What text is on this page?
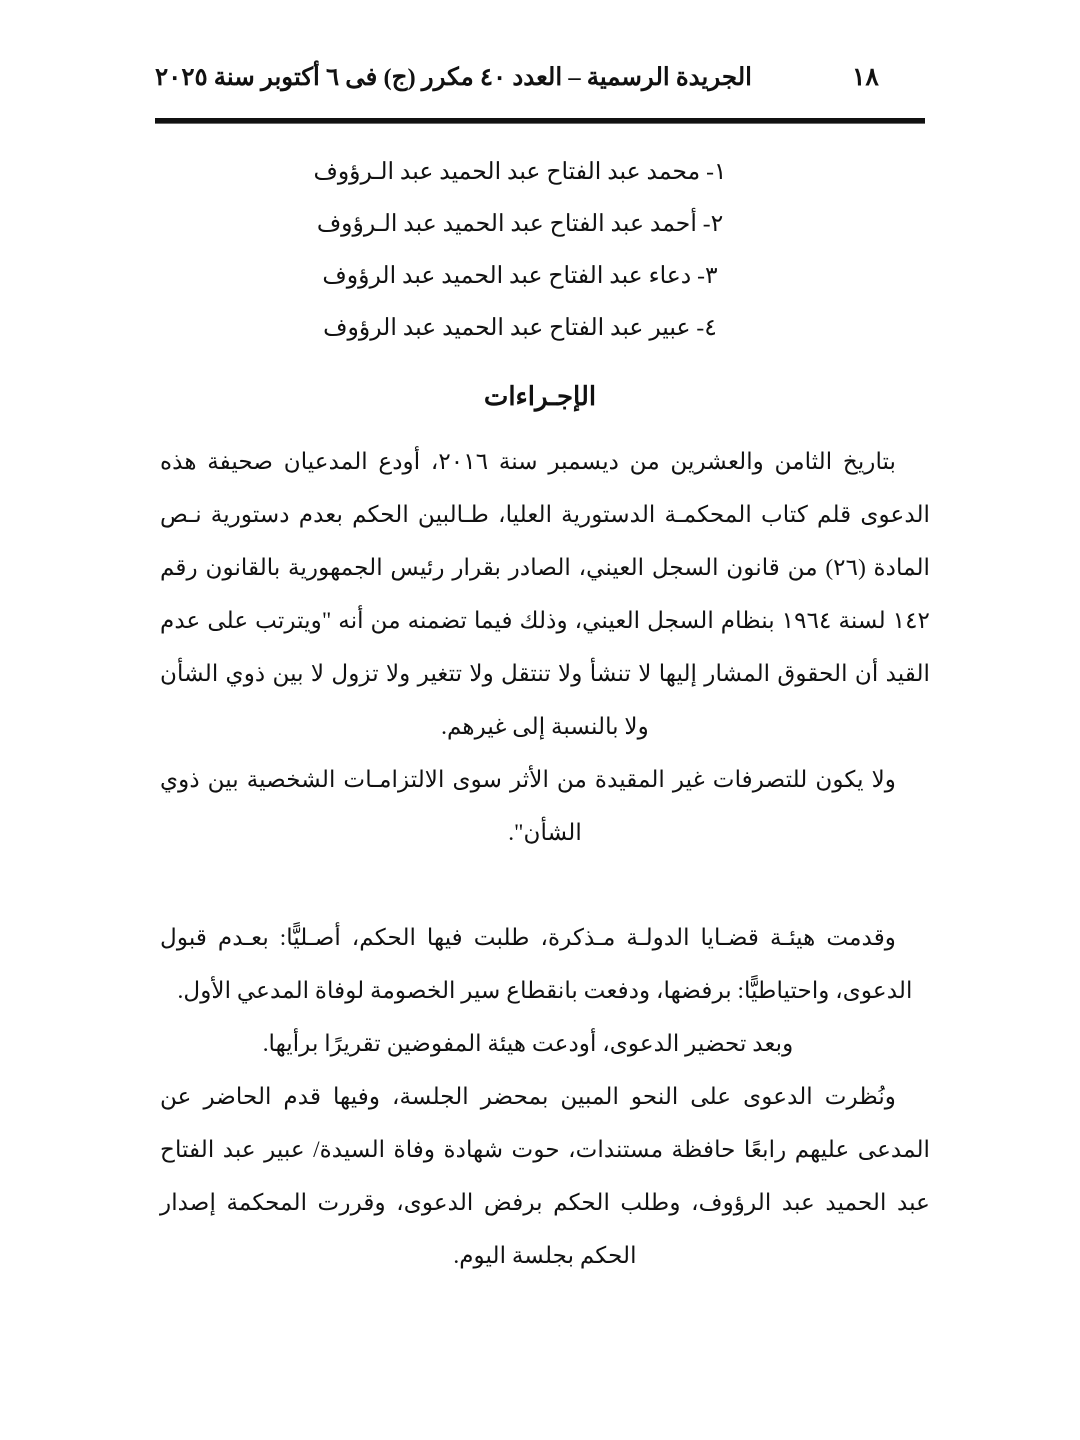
الجريدة الرسمية – العدد ٤٠ مكرر (ج) فى ٦ أكتوبر سنة ٢٠٢٥	١٨
١- محمد عبد الفتاح عبد الحميد عبد الـرؤوف
٢- أحمد عبد الفتاح عبد الحميد عبد الـرؤوف
٣- دعاء عبد الفتاح عبد الحميد عبد الرؤوف
٤- عبير عبد الفتاح عبد الحميد عبد الرؤوف
الإجـراءات

بتاريخ الثامن والعشرين من ديسمبر سنة ٢٠١٦، أودع المدعيان صحيفة هذه الدعوى قلم كتاب المحكمـة الدستورية العليا، طـالبين الحكم بعدم دستورية نـص المادة (٢٦) من قانون السجل العيني، الصادر بقرار رئيس الجمهورية بالقانون رقم ١٤٢ لسنة ١٩٦٤ بنظام السجل العيني، وذلك فيما تضمنه من أنه "ويترتب على عدم القيد أن الحقوق المشار إليها لا تنشأ ولا تنتقل ولا تتغير ولا تزول لا بين ذوي الشأن ولا بالنسبة إلى غيرهم.

ولا يكون للتصرفات غير المقيدة من الأثر سوى الالتزامـات الشخصية بين ذوي الشأن".

وقدمت هيئـة قضـايا الدولـة مـذكرة، طلبت فيها الحكم، أصـليًّا: بعـدم قبول الدعوى، واحتياطيًّا: برفضها، ودفعت بانقطاع سير الخصومة لوفاة المدعي الأول.

وبعد تحضير الدعوى، أودعت هيئة المفوضين تقريرًا برأيها.

ونُظرت الدعوى على النحو المبين بمحضر الجلسة، وفيها قدم الحاضر عن المدعى عليهم رابعًا حافظة مستندات، حوت شهادة وفاة السيدة/ عبير عبد الفتاح عبد الحميد عبد الرؤوف، وطلب الحكم برفض الدعوى، وقررت المحكمة إصدار الحكم بجلسة اليوم.
